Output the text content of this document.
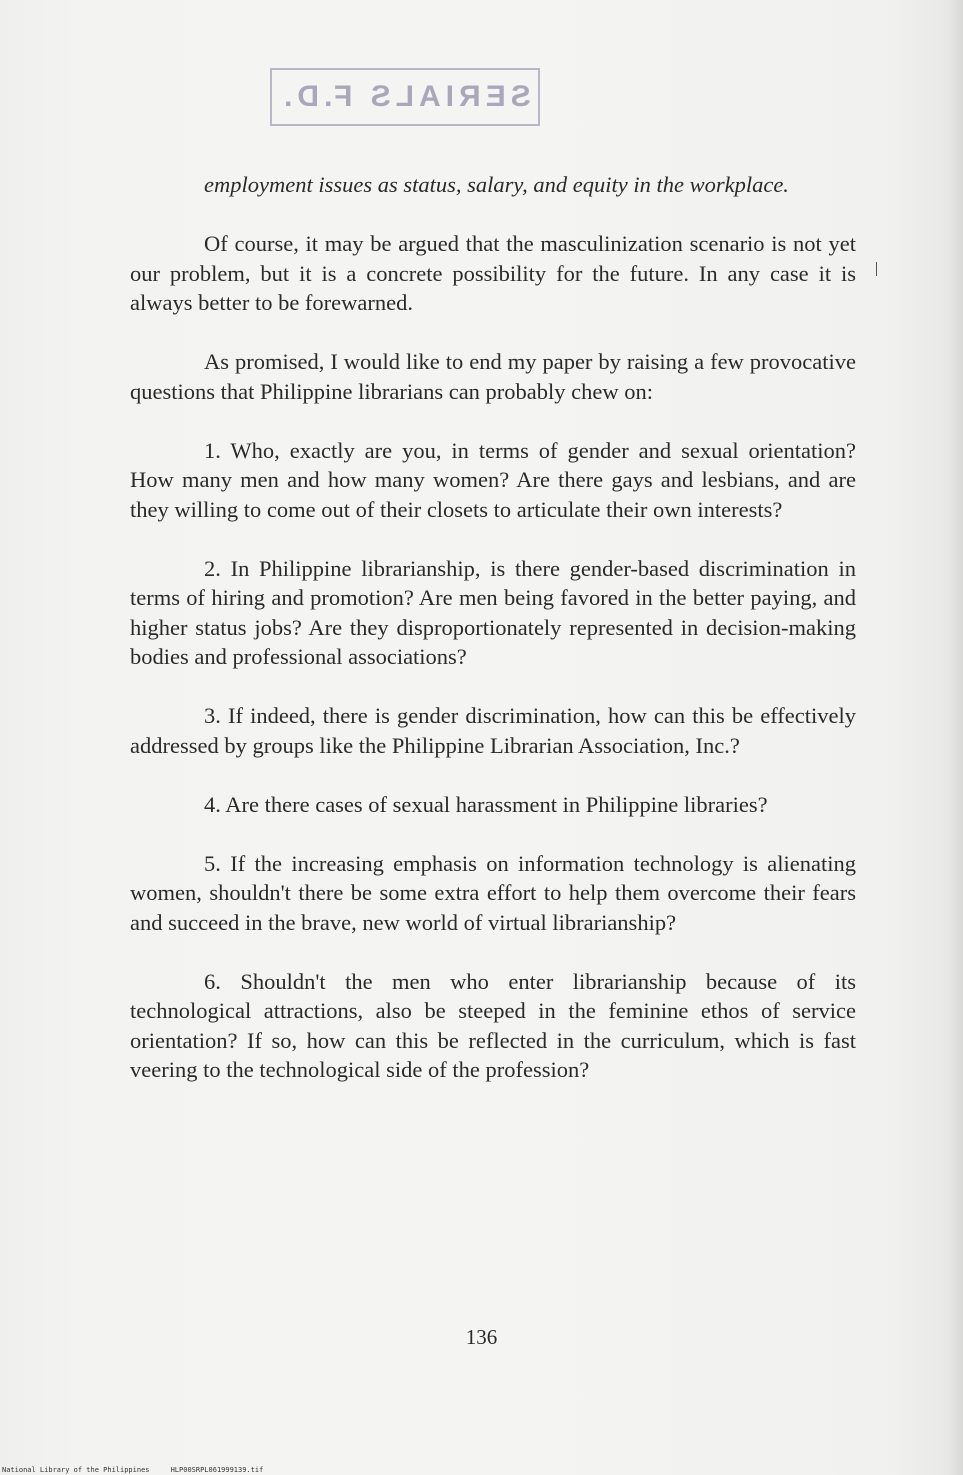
SERIALS F.D.

employment issues as status, salary, and equity in the workplace.

Of course, it may be argued that the masculinization scenario is not yet our problem, but it is a concrete possibility for the future. In any case it is always better to be forewarned.

As promised, I would like to end my paper by raising a few provocative questions that Philippine librarians can probably chew on:

1. Who, exactly are you, in terms of gender and sexual orientation? How many men and how many women? Are there gays and lesbians, and are they willing to come out of their closets to articulate their own interests?

2. In Philippine librarianship, is there gender-based discrimination in terms of hiring and promotion? Are men being favored in the better paying, and higher status jobs? Are they disproportionately represented in decision-making bodies and professional associations?

3. If indeed, there is gender discrimination, how can this be effectively addressed by groups like the Philippine Librarian Association, Inc.?

4. Are there cases of sexual harassment in Philippine libraries?

5. If the increasing emphasis on information technology is alienating women, shouldn't there be some extra effort to help them overcome their fears and succeed in the brave, new world of virtual librarianship?

6. Shouldn't the men who enter librarianship because of its technological attractions, also be steeped in the feminine ethos of service orientation? If so, how can this be reflected in the curriculum, which is fast veering to the technological side of the profession?

136
National Library of the Philippines	HLP00SRPL061999139.tif
